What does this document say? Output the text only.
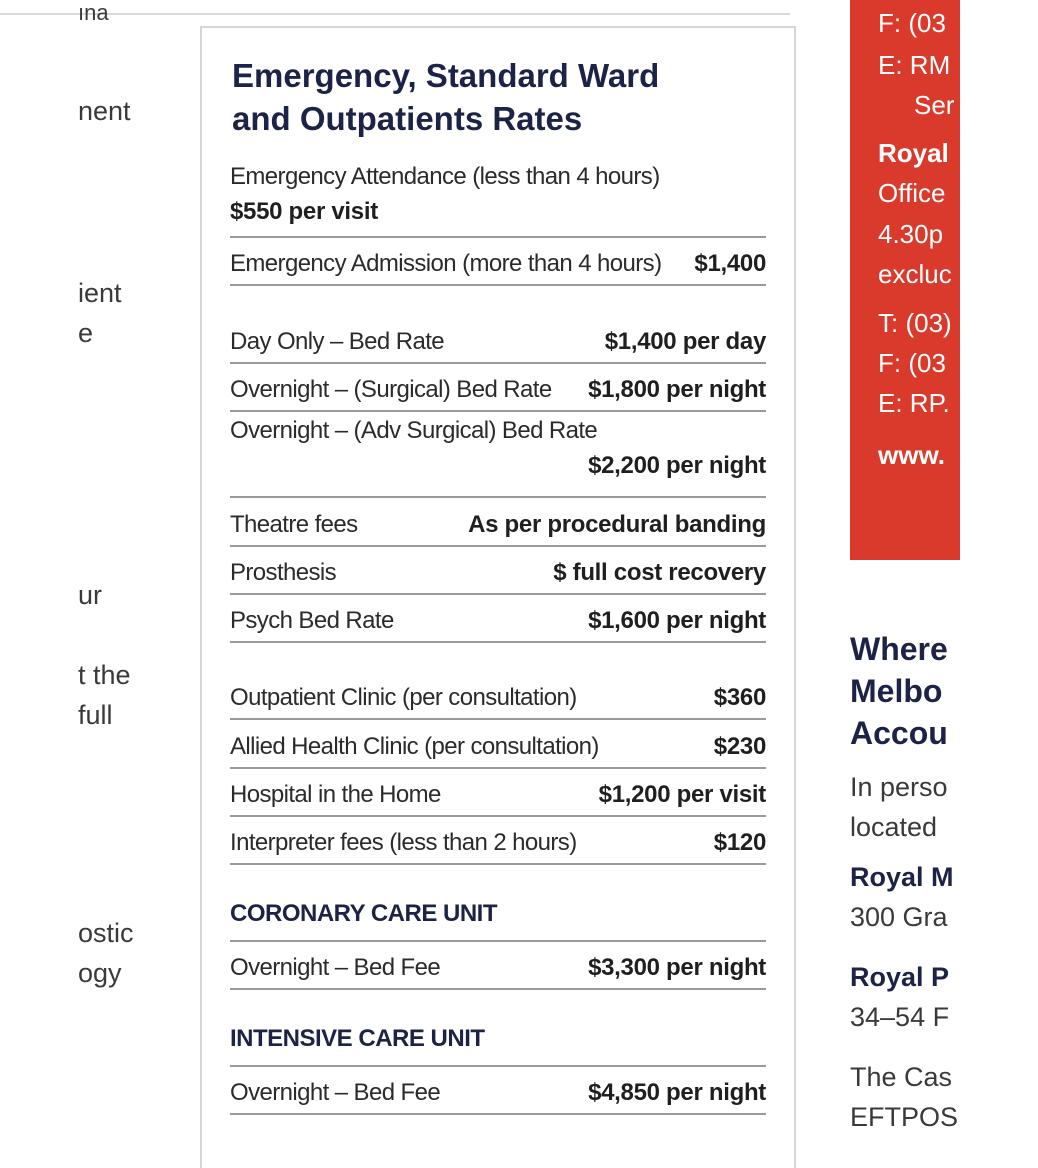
ına
nent
ient
e
ur
t the
full
ostic
ogy
Emergency, Standard Ward
and Outpatients Rates
Emergency Attendance (less than 4 hours)
$550 per visit
Emergency Admission (more than 4 hours) $1,400
Day Only – Bed Rate	$1,400 per day
Overnight – (Surgical) Bed Rate $1,800 per night
Overnight – (Adv Surgical) Bed Rate
$2,200 per night
Theatre fees	As per procedural banding
Prosthesis	$ full cost recovery
Psych Bed Rate	$1,600 per night
Outpatient Clinic (per consultation)	$360
Allied Health Clinic (per consultation)	$230
Hospital in the Home	$1,200 per visit
Interpreter fees (less than 2 hours)	$120
CORONARY CARE UNIT
Overnight – Bed Fee	$3,300 per night
INTENSIVE CARE UNIT
Overnight – Bed Fee	$4,850 per night
F: (03
E: RM
Ser
Royal
Office
4.30p
excluc
T: (03)
F: (03
E: RP.
www.
Where
Melbo
Accou
In perso
located
Royal M
300 Gra
Royal P
34–54 F
The Cas
EFTPOS
